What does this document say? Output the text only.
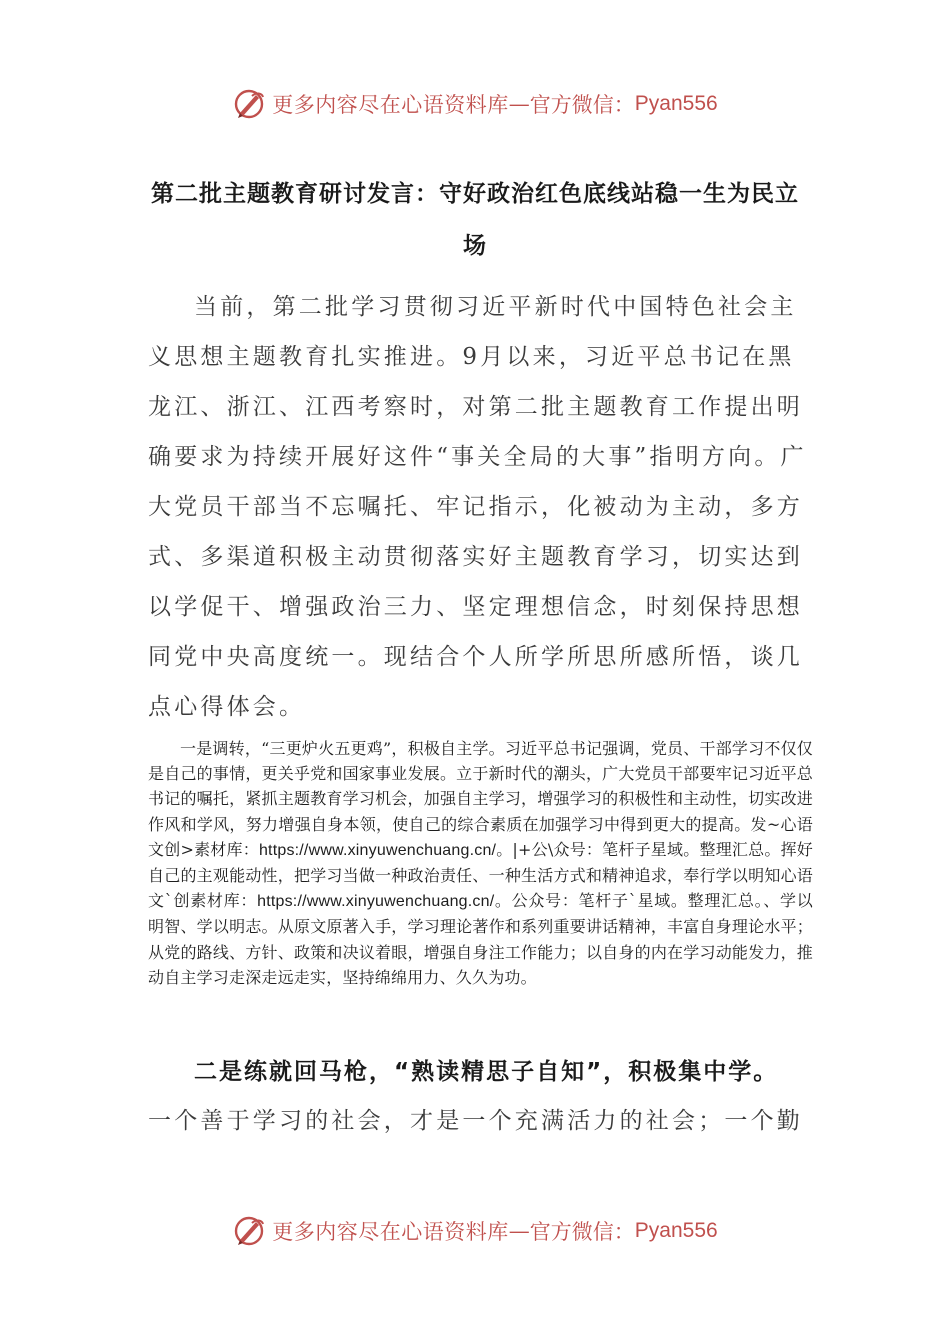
更多内容尽在心语资料库 — 官方微信： Pyan556
第二批主题教育研讨发言：守好政治红色底线站稳一生为民立场

当前，第二批学习贯彻习近平新时代中国特色社会主义思想主题教育扎实推进。9月以来，习近平总书记在黑龙江、浙江、江西考察时，对第二批主题教育工作提出明确要求为持续开展好这件“事关全局的大事”指明方向。广大党员干部当不忘嘱托、牢记指示，化被动为主动，多方式、多渠道积极主动贯彻落实好主题教育学习，切实达到以学促干、增强政治三力、坚定理想信念，时刻保持思想同党中央高度统一。现结合个人所学所思所感所悟，谈几点心得体会。

一是调转，“三更炉火五更鸡”，积极自主学。习近平总书记强调，党员、干部学习不仅仅是自己的事情，更关乎党和国家事业发展。立于新时代的潮头，广大党员干部要牢记习近平总书记的嘱托，紧抓主题教育学习机会，加强自主学习，增强学习的积极性和主动性，切实改进作风和学风，努力增强自身本领，使自己的综合素质在加强学习中得到更大的提高。发~心语文创>素材库：https://www.xinyuwenchuang.cn/。|+公\众号：笔杆子星域。整理汇总。挥好自己的主观能动性，把学习当做一种政治责任、一种生活方式和精神追求，奉行学以明知心语文`创素材库：https://www.xinyuwenchuang.cn/。公众号：笔杆子`星域。整理汇总。、学以明智、学以明志。从原文原著入手，学习理论著作和系列重要讲话精神，丰富自身理论水平；从党的路线、方针、政策和决议着眼，增强自身注工作能力；以自身的内在学习动能发力，推动自主学习走深走远走实，坚持绵绵用力、久久为功。

二是练就回马枪，“熟读精思子自知”，积极集中学。

一个善于学习的社会，才是一个充满活力的社会；一个勤

更多内容尽在心语资料库 — 官方微信： Pyan556
